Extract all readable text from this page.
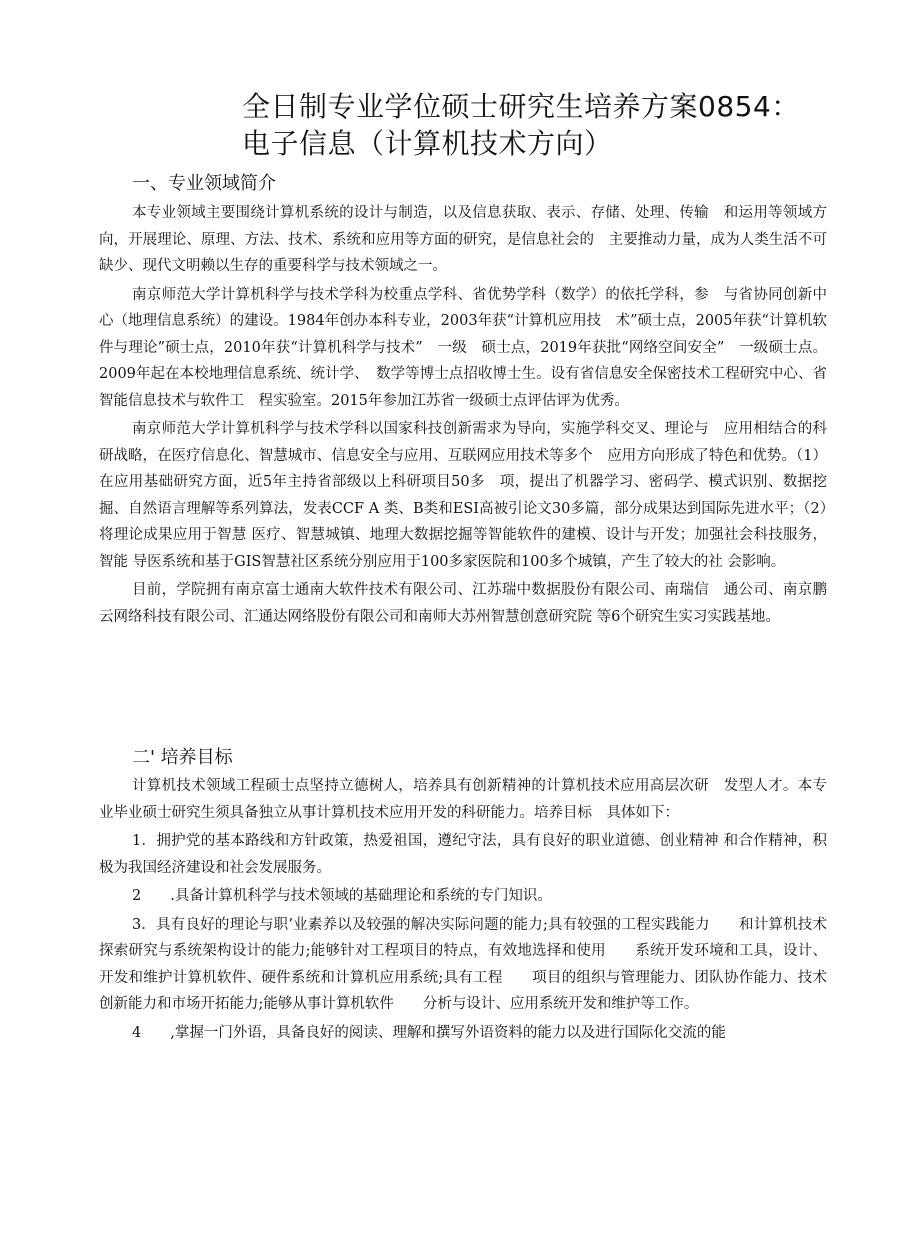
全日制专业学位硕士研究生培养方案0854：电子信息（计算机技术方向）
一、专业领域简介

本专业领域主要围绕计算机系统的设计与制造，以及信息获取、表示、存储、处理、传输　和运用等领域方向，开展理论、原理、方法、技术、系统和应用等方面的研究，是信息社会的　主要推动力量，成为人类生活不可缺少、现代文明赖以生存的重要科学与技术领域之一。

南京师范大学计算机科学与技术学科为校重点学科、省优势学科（数学）的依托学科，参　与省协同创新中心（地理信息系统）的建设。1984年创办本科专业，2003年获“计算机应用技　术”硕士点，2005年获“计算机软件与理论”硕士点，2010年获“计算机科学与技术”　一级　硕士点，2019年获批“网络空间安全”　一级硕士点。2009年起在本校地理信息系统、统计学、　数学等博士点招收博士生。设有省信息安全保密技术工程研究中心、省智能信息技术与软件工　程实验室。2015年参加江苏省一级硕士点评估评为优秀。

南京师范大学计算机科学与技术学科以国家科技创新需求为导向，实施学科交叉、理论与　应用相结合的科研战略，在医疗信息化、智慧城市、信息安全与应用、互联网应用技术等多个　应用方向形成了特色和优势。（1）在应用基础研究方面，近5年主持省部级以上科研项目50多　项，提出了机器学习、密码学、模式识别、数据挖掘、自然语言理解等系列算法，发表CCF A 类、B类和ESI高被引论文30多篇，部分成果达到国际先进水平；（2）将理论成果应用于智慧 医疗、智慧城镇、地理大数据挖掘等智能软件的建模、设计与开发；加强社会科技服务，智能 导医系统和基于GIS智慧社区系统分别应用于100多家医院和100多个城镇，产生了较大的社 会影响。

目前，学院拥有南京富士通南大软件技术有限公司、江苏瑞中数据股份有限公司、南瑞信　通公司、南京鹏云网络科技有限公司、汇通达网络股份有限公司和南师大苏州智慧创意研究院 等6个研究生实习实践基地。

二' 培养目标

计算机技术领域工程硕士点坚持立德树人，培养具有创新精神的计算机技术应用高层次研　发型人才。本专业毕业硕士研究生须具备独立从事计算机技术应用开发的科研能力。培养目标　具体如下：

1．拥护党的基本路线和方针政策，热爱祖国，遵纪守法，具有良好的职业道德、创业精神 和合作精神，积极为我国经济建设和社会发展服务。

2　　.具备计算机科学与技术领域的基础理论和系统的专门知识。

3．具有良好的理论与职’业素养以及较强的解决实际问题的能力;具有较强的工程实践能力　　和计算机技术探索研究与系统架构设计的能力;能够针对工程项目的特点，有效地选择和使用　　系统开发环境和工具，设计、开发和维护计算机软件、硬件系统和计算机应用系统;具有工程　　项目的组织与管理能力、团队协作能力、技术创新能力和市场开拓能力;能够从事计算机软件　　分析与设计、应用系统开发和维护等工作。

4　　,掌握一门外语，具备良好的阅读、理解和撰写外语资料的能力以及进行国际化交流的能
